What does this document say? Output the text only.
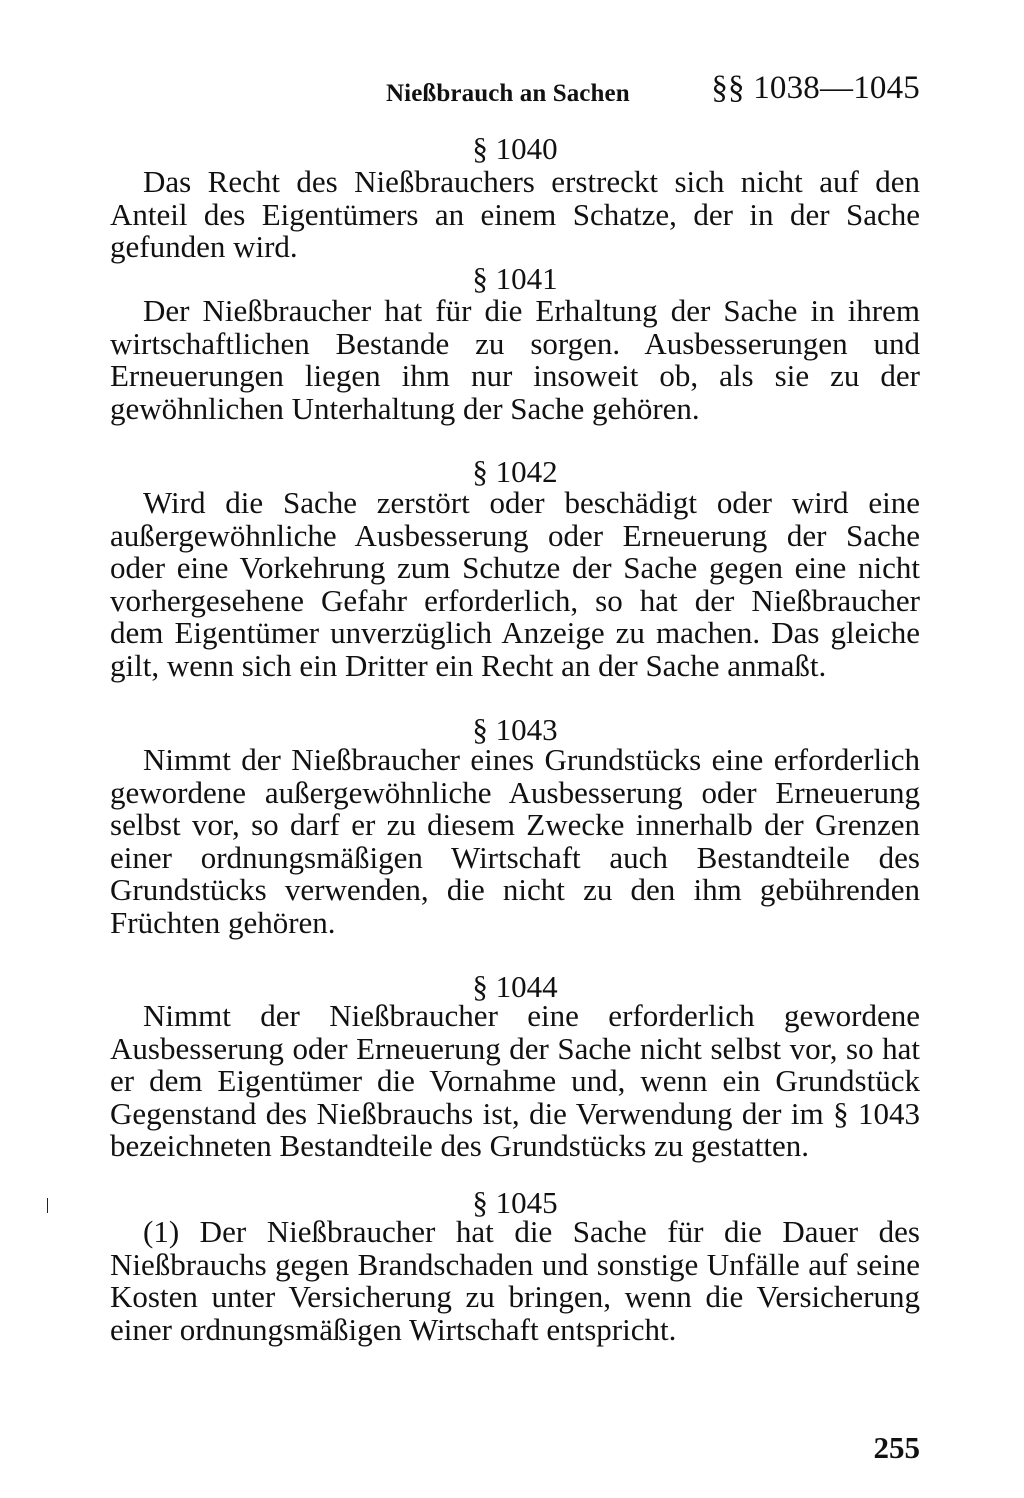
Nießbrauch an Sachen §§ 1038—1045
§ 1040
Das Recht des Nießbrauchers erstreckt sich nicht auf den Anteil des Eigentümers an einem Schatze, der in der Sache gefunden wird.
§ 1041
Der Nießbraucher hat für die Erhaltung der Sache in ihrem wirtschaftlichen Bestande zu sorgen. Ausbesserungen und Erneuerungen liegen ihm nur insoweit ob, als sie zu der gewöhnlichen Unterhaltung der Sache gehören.
§ 1042
Wird die Sache zerstört oder beschädigt oder wird eine außergewöhnliche Ausbesserung oder Erneuerung der Sache oder eine Vorkehrung zum Schutze der Sache gegen eine nicht vorhergesehene Gefahr erforderlich, so hat der Nießbraucher dem Eigentümer unverzüglich Anzeige zu machen. Das gleiche gilt, wenn sich ein Dritter ein Recht an der Sache anmaßt.
§ 1043
Nimmt der Nießbraucher eines Grundstücks eine erforderlich gewordene außergewöhnliche Ausbesserung oder Erneuerung selbst vor, so darf er zu diesem Zwecke innerhalb der Grenzen einer ordnungsmäßigen Wirtschaft auch Bestandteile des Grundstücks verwenden, die nicht zu den ihm gebührenden Früchten gehören.
§ 1044
Nimmt der Nießbraucher eine erforderlich gewordene Ausbesserung oder Erneuerung der Sache nicht selbst vor, so hat er dem Eigentümer die Vornahme und, wenn ein Grundstück Gegenstand des Nießbrauchs ist, die Verwendung der im § 1043 bezeichneten Bestandteile des Grundstücks zu gestatten.
§ 1045
(1) Der Nießbraucher hat die Sache für die Dauer des Nießbrauchs gegen Brandschaden und sonstige Unfälle auf seine Kosten unter Versicherung zu bringen, wenn die Versicherung einer ordnungsmäßigen Wirtschaft entspricht.
255
